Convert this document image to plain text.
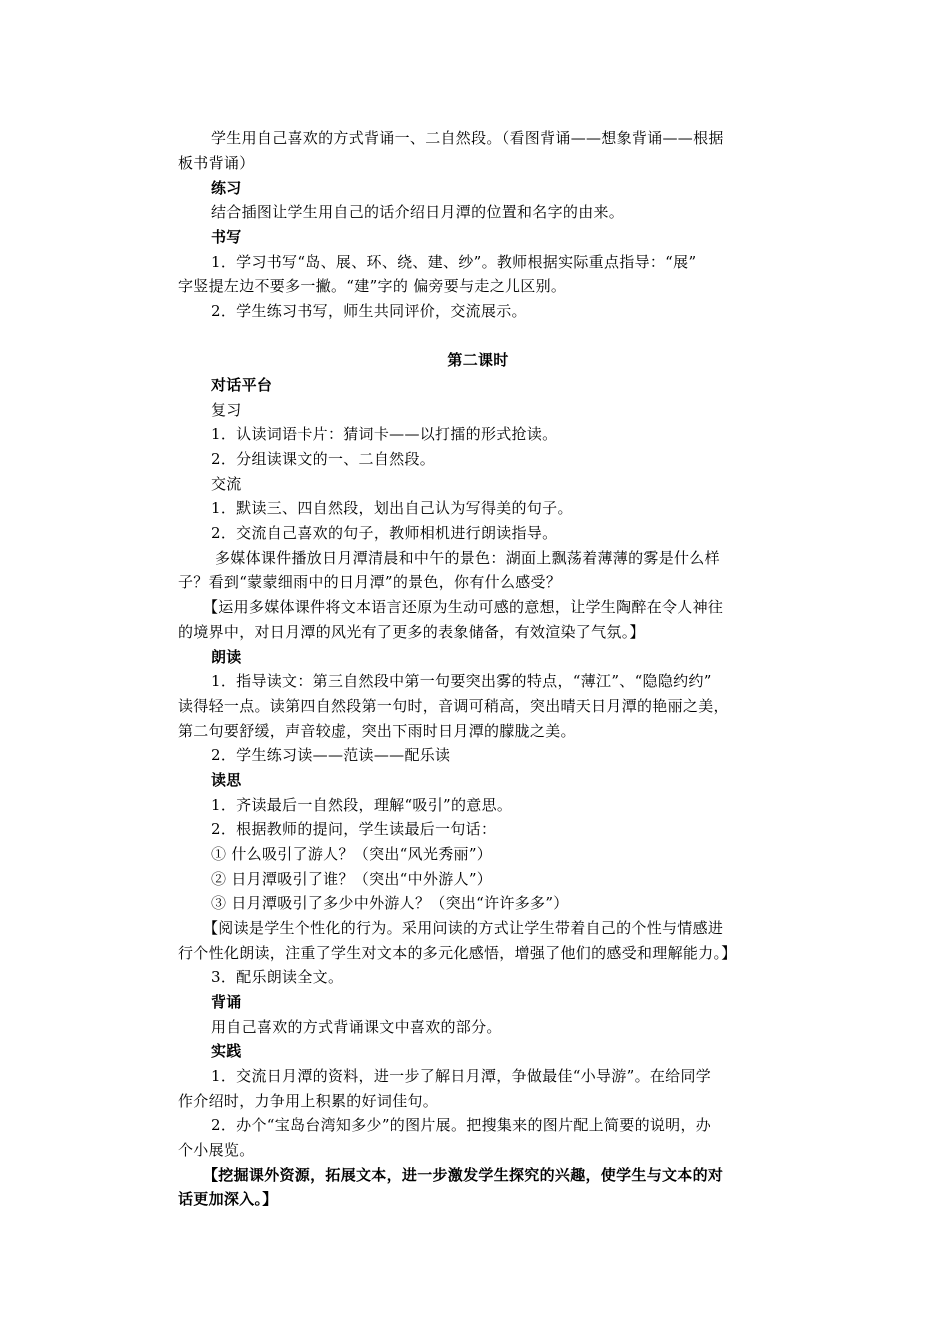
学生用自己喜欢的方式背诵一、二自然段。（看图背诵——想象背诵——根据
板书背诵）
练习
结合插图让学生用自己的话介绍日月潭的位置和名字的由来。
书写
1．学习书写“岛、展、环、绕、建、纱”。教师根据实际重点指导：“展”
字竖提左边不要多一撇。“建”字的 偏旁要与走之儿区别。
2．学生练习书写，师生共同评价，交流展示。
第二课时
对话平台
复习
1．认读词语卡片：猜词卡——以打擂的形式抢读。
2．分组读课文的一、二自然段。
交流
1．默读三、四自然段，划出自己认为写得美的句子。
2．交流自己喜欢的句子，教师相机进行朗读指导。
多媒体课件播放日月潭清晨和中午的景色：湖面上飘荡着薄薄的雾是什么样
子？看到“蒙蒙细雨中的日月潭”的景色，你有什么感受？
【运用多媒体课件将文本语言还原为生动可感的意想，让学生陶醉在令人神往
的境界中，对日月潭的风光有了更多的表象储备，有效渲染了气氛。】
朗读
1．指导读文：第三自然段中第一句要突出雾的特点，“薄江”、“隐隐约约”
读得轻一点。读第四自然段第一句时，音调可稍高，突出晴天日月潭的艳丽之美，
第二句要舒缓，声音较虚，突出下雨时日月潭的朦胧之美。
2．学生练习读——范读——配乐读
读思
1．齐读最后一自然段，理解“吸引”的意思。
2．根据教师的提问，学生读最后一句话：
① 什么吸引了游人？（突出“风光秀丽”）
② 日月潭吸引了谁？（突出“中外游人”）
③ 日月潭吸引了多少中外游人？（突出“许许多多”）
【阅读是学生个性化的行为。采用问读的方式让学生带着自己的个性与情感进
行个性化朗读，注重了学生对文本的多元化感悟，增强了他们的感受和理解能力。】
3．配乐朗读全文。
背诵
用自己喜欢的方式背诵课文中喜欢的部分。
实践
1．交流日月潭的资料，进一步了解日月潭，争做最佳“小导游”。在给同学
作介绍时，力争用上积累的好词佳句。
2．办个“宝岛台湾知多少”的图片展。把搜集来的图片配上简要的说明，办
个小展览。
【挖掘课外资源，拓展文本，进一步激发学生探究的兴趣，使学生与文本的对
话更加深入。】
